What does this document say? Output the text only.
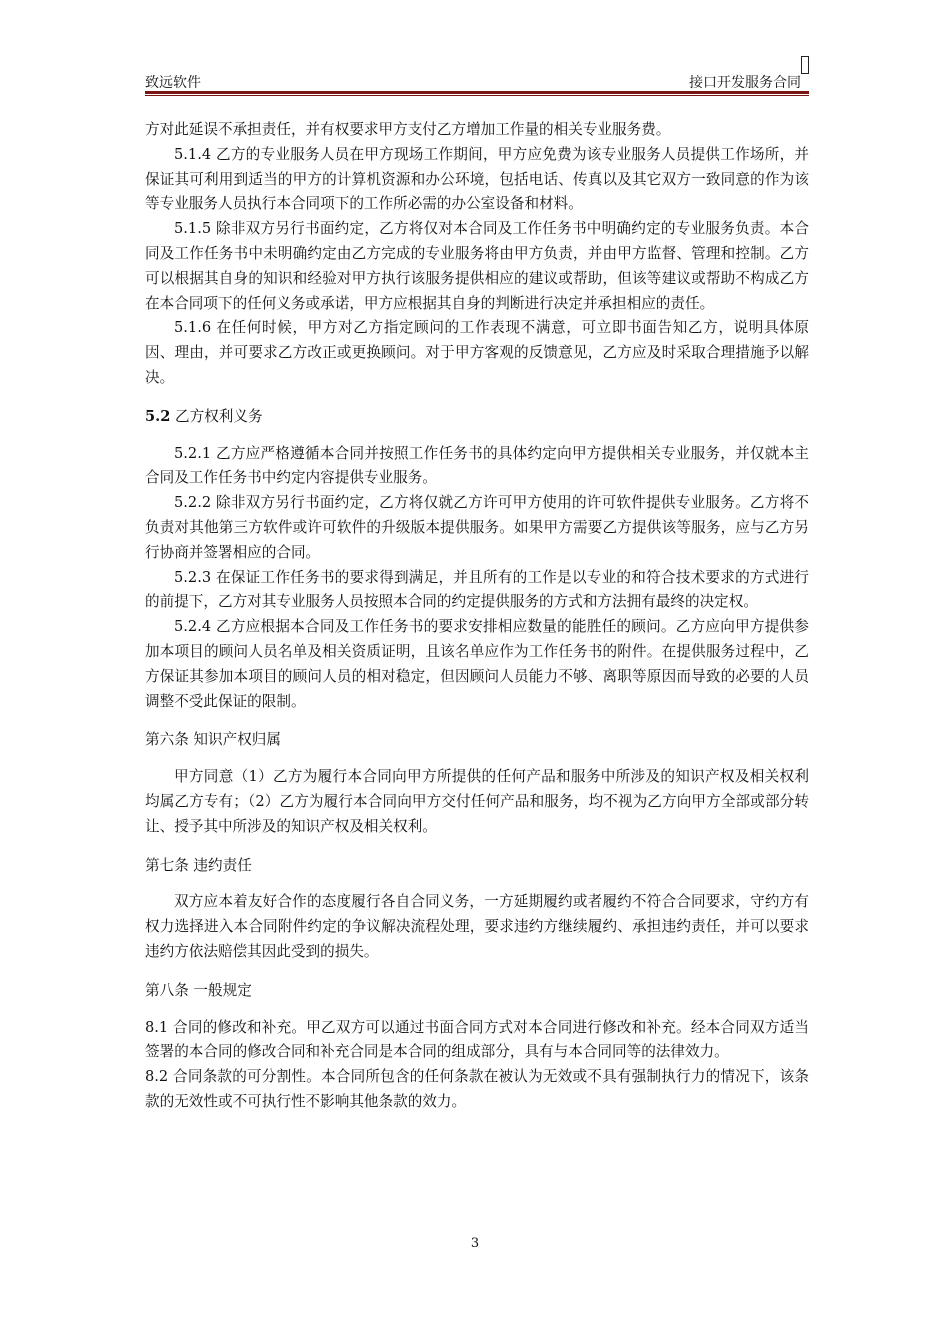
致远软件	接口开发服务合同

方对此延误不承担责任，并有权要求甲方支付乙方增加工作量的相关专业服务费。

5.1.4 乙方的专业服务人员在甲方现场工作期间，甲方应免费为该专业服务人员提供工作场所，并保证其可利用到适当的甲方的计算机资源和办公环境，包括电话、传真以及其它双方一致同意的作为该等专业服务人员执行本合同项下的工作所必需的办公室设备和材料。

5.1.5 除非双方另行书面约定，乙方将仅对本合同及工作任务书中明确约定的专业服务负责。本合同及工作任务书中未明确约定由乙方完成的专业服务将由甲方负责，并由甲方监督、管理和控制。乙方可以根据其自身的知识和经验对甲方执行该服务提供相应的建议或帮助，但该等建议或帮助不构成乙方在本合同项下的任何义务或承诺，甲方应根据其自身的判断进行决定并承担相应的责任。

5.1.6 在任何时候，甲方对乙方指定顾问的工作表现不满意，可立即书面告知乙方，说明具体原因、理由，并可要求乙方改正或更换顾问。对于甲方客观的反馈意见，乙方应及时采取合理措施予以解决。

5.2 乙方权利义务

5.2.1 乙方应严格遵循本合同并按照工作任务书的具体约定向甲方提供相关专业服务，并仅就本主合同及工作任务书中约定内容提供专业服务。

5.2.2 除非双方另行书面约定，乙方将仅就乙方许可甲方使用的许可软件提供专业服务。乙方将不负责对其他第三方软件或许可软件的升级版本提供服务。如果甲方需要乙方提供该等服务，应与乙方另行协商并签署相应的合同。

5.2.3 在保证工作任务书的要求得到满足，并且所有的工作是以专业的和符合技术要求的方式进行的前提下，乙方对其专业服务人员按照本合同的约定提供服务的方式和方法拥有最终的决定权。

5.2.4 乙方应根据本合同及工作任务书的要求安排相应数量的能胜任的顾问。乙方应向甲方提供参加本项目的顾问人员名单及相关资质证明，且该名单应作为工作任务书的附件。在提供服务过程中，乙方保证其参加本项目的顾问人员的相对稳定，但因顾问人员能力不够、离职等原因而导致的必要的人员调整不受此保证的限制。

第六条 知识产权归属

甲方同意（1）乙方为履行本合同向甲方所提供的任何产品和服务中所涉及的知识产权及相关权利均属乙方专有；（2）乙方为履行本合同向甲方交付任何产品和服务，均不视为乙方向甲方全部或部分转让、授予其中所涉及的知识产权及相关权利。

第七条 违约责任

双方应本着友好合作的态度履行各自合同义务，一方延期履约或者履约不符合合同要求，守约方有权力选择进入本合同附件约定的争议解决流程处理，要求违约方继续履约、承担违约责任，并可以要求违约方依法赔偿其因此受到的损失。

第八条 一般规定

8.1 合同的修改和补充。甲乙双方可以通过书面合同方式对本合同进行修改和补充。经本合同双方适当签署的本合同的修改合同和补充合同是本合同的组成部分，具有与本合同同等的法律效力。

8.2 合同条款的可分割性。本合同所包含的任何条款在被认为无效或不具有强制执行力的情况下，该条款的无效性或不可执行性不影响其他条款的效力。

3
